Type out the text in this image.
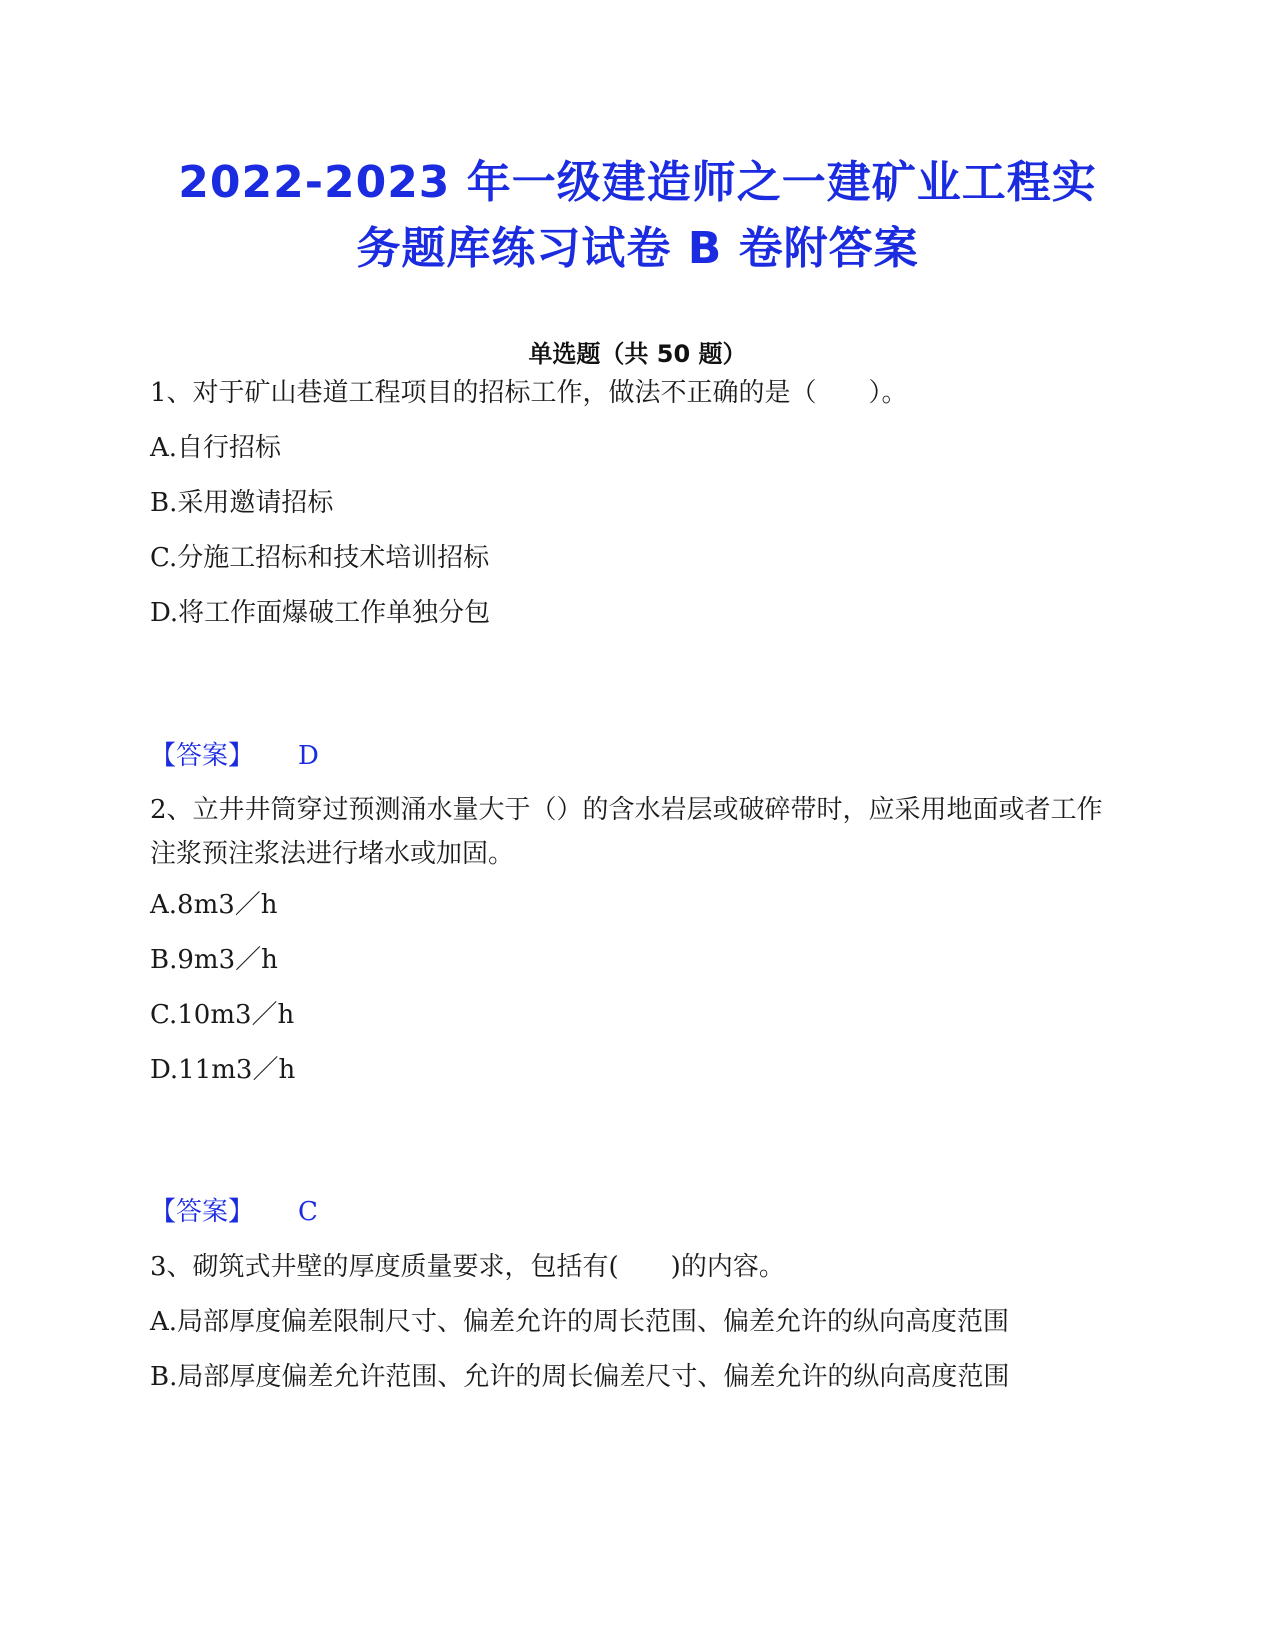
2022-2023 年一级建造师之一建矿业工程实
务题库练习试卷 B 卷附答案
单选题（共 50 题）
1、对于矿山巷道工程项目的招标工作，做法不正确的是（　　）。
A.自行招标
B.采用邀请招标
C.分施工招标和技术培训招标
D.将工作面爆破工作单独分包
【答案】 D
2、立井井筒穿过预测涌水量大于（）的含水岩层或破碎带时，应采用地面或者工作注浆预注浆法进行堵水或加固。
A.8m3／h
B.9m3／h
C.10m3／h
D.11m3／h
【答案】 C
3、砌筑式井壁的厚度质量要求，包括有(　　)的内容。
A.局部厚度偏差限制尺寸、偏差允许的周长范围、偏差允许的纵向高度范围
B.局部厚度偏差允许范围、允许的周长偏差尺寸、偏差允许的纵向高度范围
